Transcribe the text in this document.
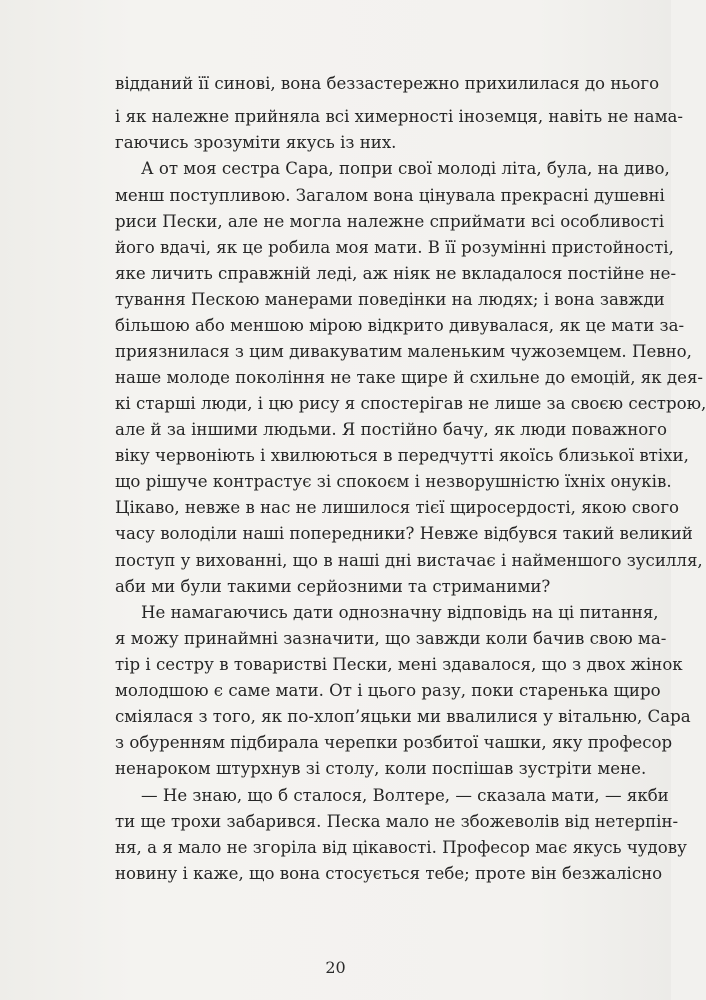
відданий її синові, вона беззастережно прихилилася до нього

і як належне прийняла всі химерності іноземця, навіть не нама-

гаючись зрозуміти якусь із них.

А от моя сестра Сара, попри свої молоді літа, була, на диво,

менш поступливою. Загалом вона цінувала прекрасні душевні

риси Пески, але не могла належне сприймати всі особливості

його вдачі, як це робила моя мати. В її розумінні пристойності,

яке личить справжній леді, аж ніяк не вкладалося постійне не-

тування Пескою манерами поведінки на людях; і вона завжди

більшою або меншою мірою відкрито дивувалася, як це мати за-

приязнилася з цим дивакуватим маленьким чужоземцем. Певно,

наше молоде покоління не таке щире й схильне до емоцій, як дея-

кі старші люди, і цю рису я спостерігав не лише за своєю сестрою,

але й за іншими людьми. Я постійно бачу, як люди поважного

віку червоніють і хвилюються в передчутті якоїсь близької втіхи,

що рішуче контрастує зі спокоєм і незворушністю їхніх онуків.

Цікаво, невже в нас не лишилося тієї щиросердості, якою свого

часу володіли наші попередники? Невже відбувся такий великий

поступ у вихованні, що в наші дні вистачає і найменшого зусилля,

аби ми були такими серйозними та стриманими?

Не намагаючись дати однозначну відповідь на ці питання,

я можу принаймні зазначити, що завжди коли бачив свою ма-

тір і сестру в товаристві Пески, мені здавалося, що з двох жінок

молодшою є саме мати. От і цього разу, поки старенька щиро

сміялася з того, як по-хлоп’яцьки ми ввалилися у вітальню, Сара

з обуренням підбирала черепки розбитої чашки, яку професор

ненароком штурхнув зі столу, коли поспішав зустріти мене.

— Не знаю, що б сталося, Волтере, — сказала мати, — якби

ти ще трохи забарився. Песка мало не збожеволів від нетерпін-

ня, а я мало не згоріла від цікавості. Професор має якусь чудову

новину і каже, що вона стосується тебе; проте він безжалісно

20
